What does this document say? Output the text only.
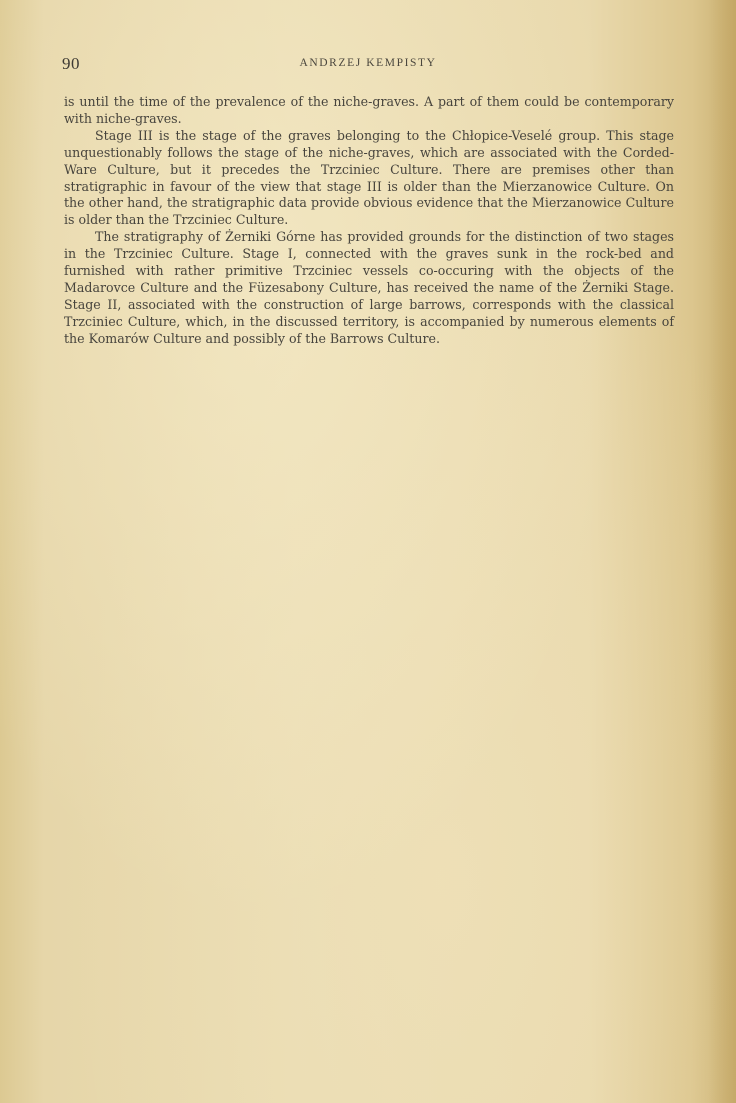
90	ANDRZEJ KEMPISTY

is until the time of the prevalence of the niche-graves. A part of them could be contemporary with niche-graves.

Stage III is the stage of the graves belonging to the Chłopice-Veselé group. This stage unquestionably follows the stage of the niche-graves, which are associated with the Corded-Ware Culture, but it precedes the Trzciniec Culture. There are premises other than stratigraphic in favour of the view that stage III is older than the Mierzanowice Culture. On the other hand, the stratigraphic data provide obvious evidence that the Mierzanowice Culture is older than the Trzciniec Culture.

The stratigraphy of Żerniki Górne has provided grounds for the distinction of two stages in the Trzciniec Culture. Stage I, connected with the graves sunk in the rock-bed and furnished with rather primitive Trzciniec vessels co-occuring with the objects of the Madarovce Culture and the Füzesabony Culture, has received the name of the Żerniki Stage. Stage II, associated with the construction of large barrows, corresponds with the classical Trzciniec Culture, which, in the discussed territory, is accompanied by numerous elements of the Komarów Culture and possibly of the Barrows Culture.
